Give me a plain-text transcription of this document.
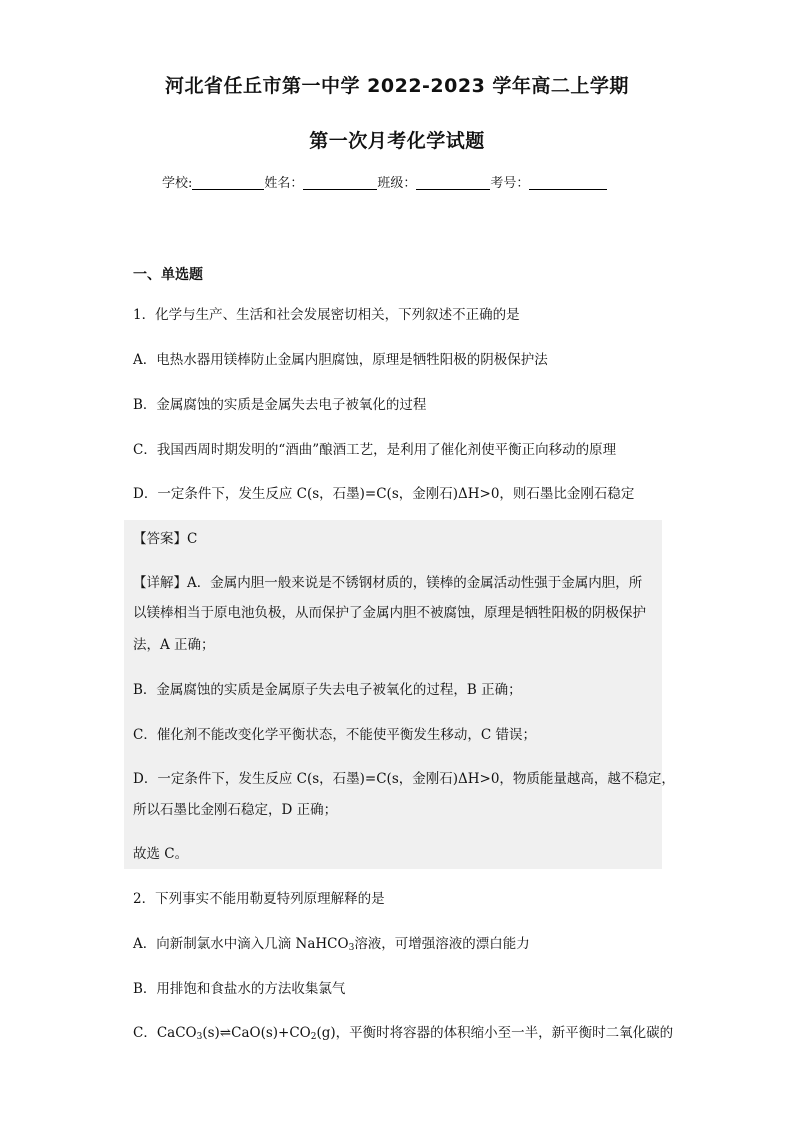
河北省任丘市第一中学 2022-2023 学年高二上学期
第一次月考化学试题
学校:	姓名：	班级：	考号：
一、单选题
1．化学与生产、生活和社会发展密切相关，下列叙述不正确的是
A．电热水器用镁棒防止金属内胆腐蚀，原理是牺牲阳极的阴极保护法
B．金属腐蚀的实质是金属失去电子被氧化的过程
C．我国西周时期发明的“酒曲”酿酒工艺，是利用了催化剂使平衡正向移动的原理
D．一定条件下，发生反应 C(s，石墨)=C(s，金刚石)ΔH>0，则石墨比金刚石稳定
【答案】C
【详解】A．金属内胆一般来说是不锈钢材质的，镁棒的金属活动性强于金属内胆，所
以镁棒相当于原电池负极，从而保护了金属内胆不被腐蚀，原理是牺牲阳极的阴极保护
法，A 正确；
B．金属腐蚀的实质是金属原子失去电子被氧化的过程，B 正确；
C．催化剂不能改变化学平衡状态，不能使平衡发生移动，C 错误；
D．一定条件下，发生反应 C(s，石墨)=C(s，金刚石)ΔH>0，物质能量越高，越不稳定，
所以石墨比金刚石稳定，D 正确；
故选 C。
2．下列事实不能用勒夏特列原理解释的是
A．向新制氯水中滴入几滴 NaHCO$_3$溶液，可增强溶液的漂白能力
B．用排饱和食盐水的方法收集氯气
C．$CaCO_3(s)\rightleftharpoons CaO(s)+CO_2(g)$，平衡时将容器的体积缩小至一半，新平衡时二氧化碳的
